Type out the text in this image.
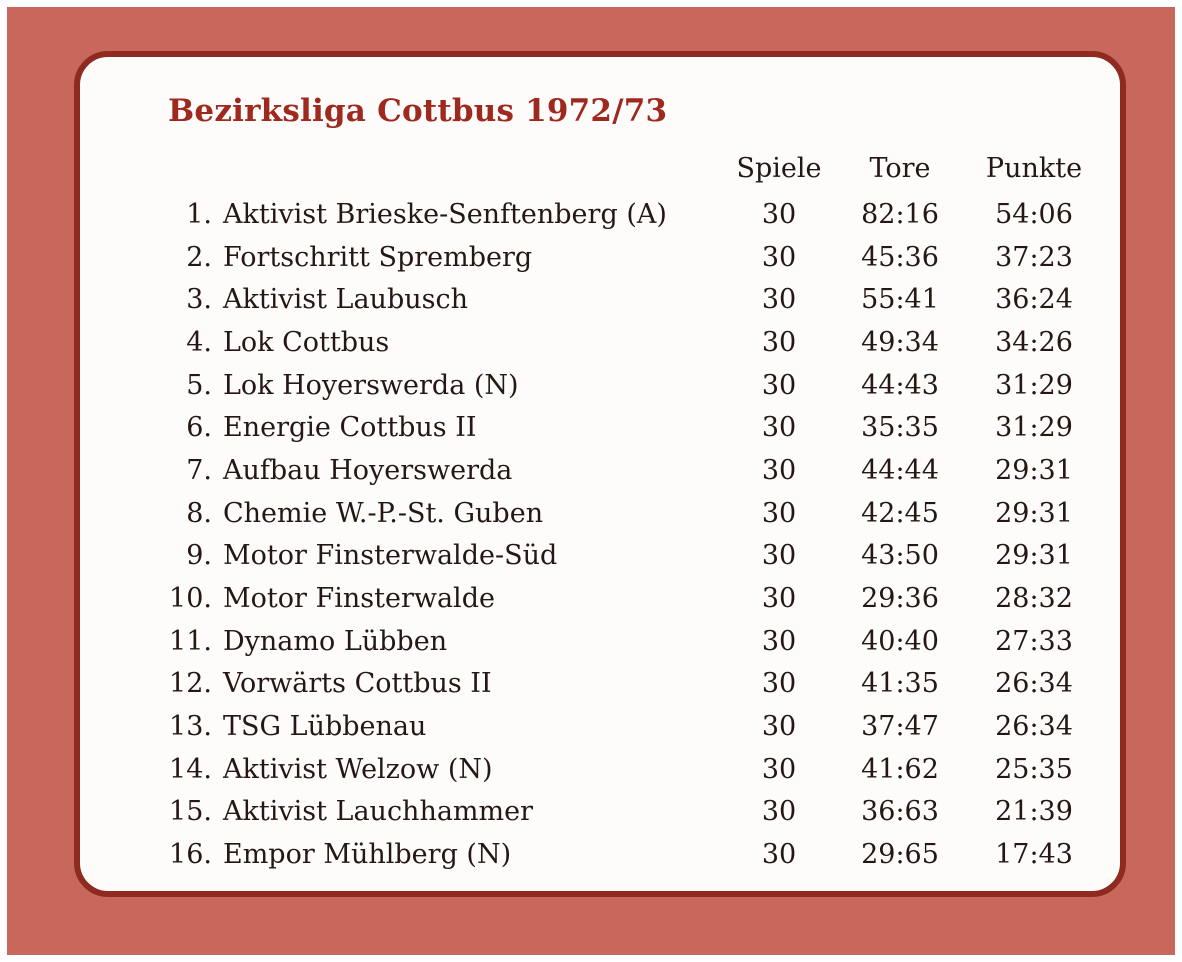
Bezirksliga Cottbus 1972/73
		Spiele	Tore	Punkte
1.	Aktivist Brieske-Senftenberg (A)	30	82:16	54:06
2.	Fortschritt Spremberg	30	45:36	37:23
3.	Aktivist Laubusch	30	55:41	36:24
4.	Lok Cottbus	30	49:34	34:26
5.	Lok Hoyerswerda (N)	30	44:43	31:29
6.	Energie Cottbus II	30	35:35	31:29
7.	Aufbau Hoyerswerda	30	44:44	29:31
8.	Chemie W.-P.-St. Guben	30	42:45	29:31
9.	Motor Finsterwalde-Süd	30	43:50	29:31
10.	Motor Finsterwalde	30	29:36	28:32
11.	Dynamo Lübben	30	40:40	27:33
12.	Vorwärts Cottbus II	30	41:35	26:34
13.	TSG Lübbenau	30	37:47	26:34
14.	Aktivist Welzow (N)	30	41:62	25:35
15.	Aktivist Lauchhammer	30	36:63	21:39
16.	Empor Mühlberg (N)	30	29:65	17:43
